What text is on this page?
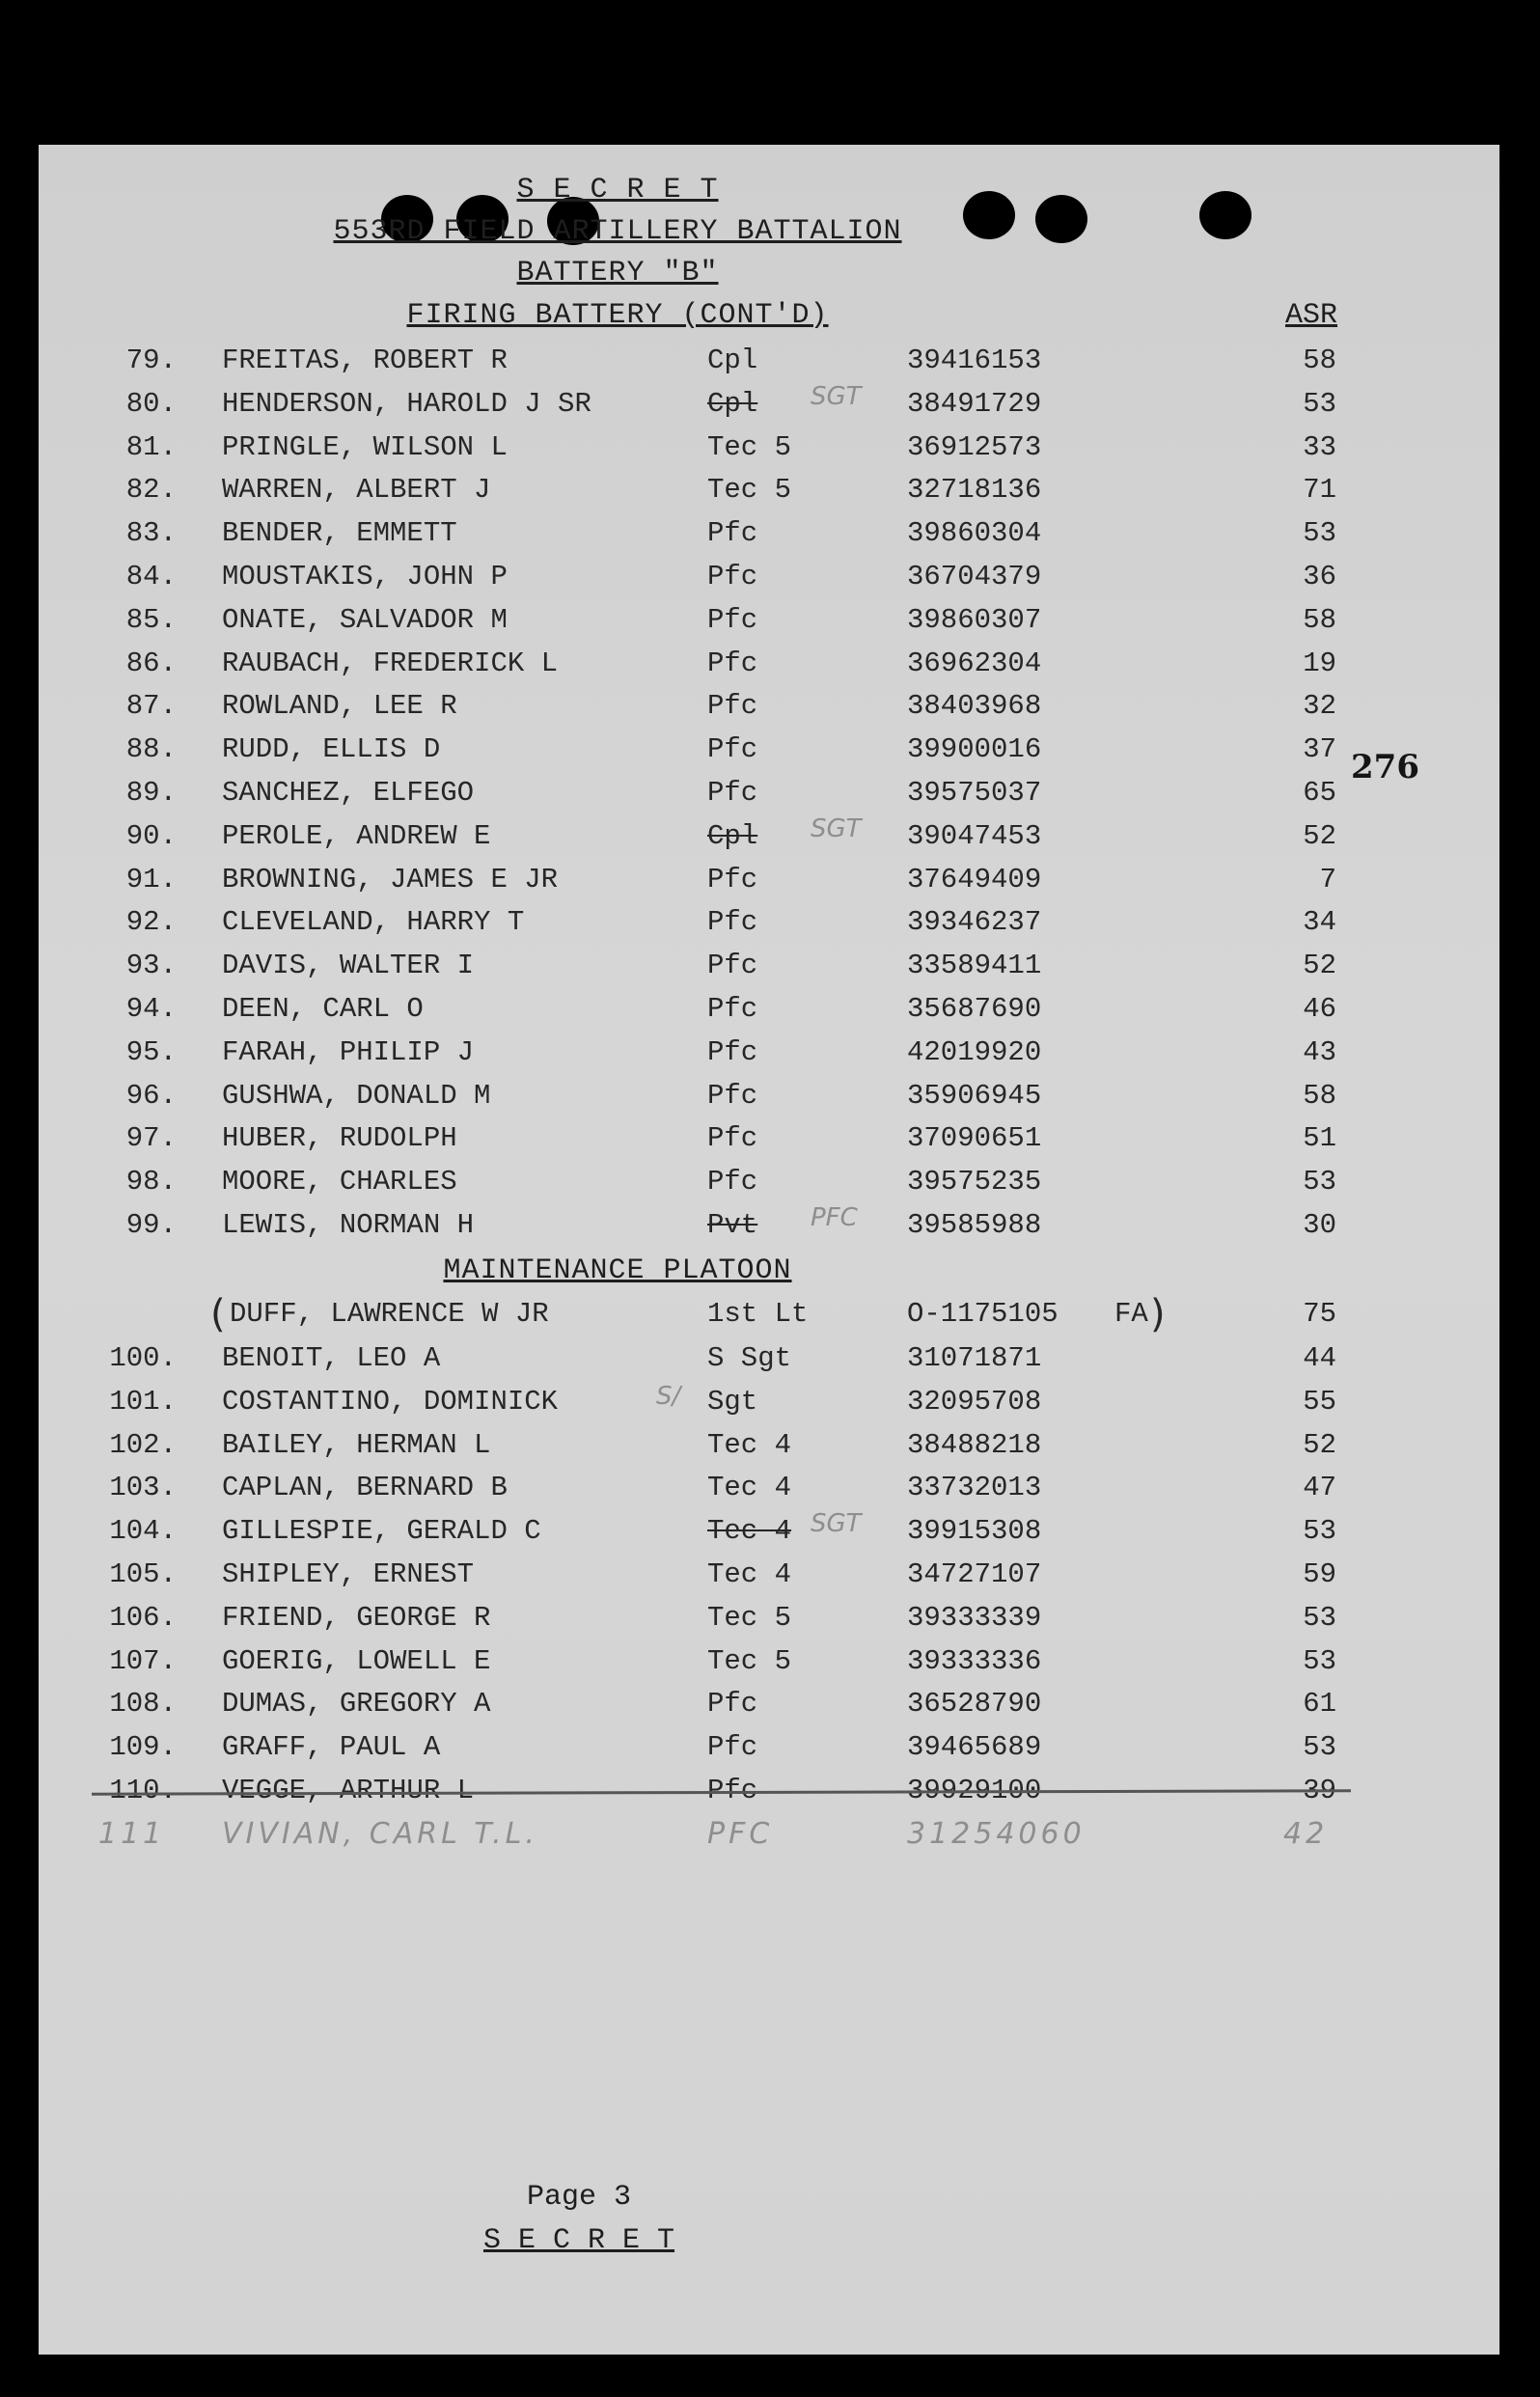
S E C R E T
553RD FIELD ARTILLERY BATTALION
BATTERY "B"
FIRING BATTERY (CONT'D)	ASR
79. FREITAS, ROBERT R	Cpl	39416153	58
80. HENDERSON, HAROLD J SR	Cpl	38491729	53
SGT
81. PRINGLE, WILSON L	Tec 5	36912573	33
82. WARREN, ALBERT J	Tec 5	32718136	71
83. BENDER, EMMETT	Pfc	39860304	53
84. MOUSTAKIS, JOHN P	Pfc	36704379	36
85. ONATE, SALVADOR M	Pfc	39860307	58
86. RAUBACH, FREDERICK L	Pfc	36962304	19
87. ROWLAND, LEE R	Pfc	38403968	32
88. RUDD, ELLIS D	Pfc	39900016	37
89. SANCHEZ, ELFEGO	Pfc	39575037	65
90. PEROLE, ANDREW E	Cpl	39047453	52
SGT
91. BROWNING, JAMES E JR	Pfc	37649409	7
92. CLEVELAND, HARRY T	Pfc	39346237	34
93. DAVIS, WALTER I	Pfc	33589411	52
94. DEEN, CARL O	Pfc	35687690	46
95. FARAH, PHILIP J	Pfc	42019920	43
96. GUSHWA, DONALD M	Pfc	35906945	58
97. HUBER, RUDOLPH	Pfc	37090651	51
98. MOORE, CHARLES	Pfc	39575235	53
99. LEWIS, NORMAN H	Pvt	39585988	30
PFC
MAINTENANCE PLATOON
( DUFF, LAWRENCE W JR	1st Lt	O-1175105 FA )	75
100. BENOIT, LEO A	S Sgt	31071871	44
101. COSTANTINO, DOMINICK	Sgt	32095708	55
S/
102. BAILEY, HERMAN L	Tec 4	38488218	52
103. CAPLAN, BERNARD B	Tec 4	33732013	47
104. GILLESPIE, GERALD C	Tec 4	39915308	53
SGT
105. SHIPLEY, ERNEST	Tec 4	34727107	59
106. FRIEND, GEORGE R	Tec 5	39333339	53
107. GOERIG, LOWELL E	Tec 5	39333336	53
108. DUMAS, GREGORY A	Pfc	36528790	61
109. GRAFF, PAUL A	Pfc	39465689	53
110. VEGGE, ARTHUR L	Pfc	39929100	39
111 VIVIAN, CARL T.L.	PFC	31254060	42
276
Page 3
S E C R E T
